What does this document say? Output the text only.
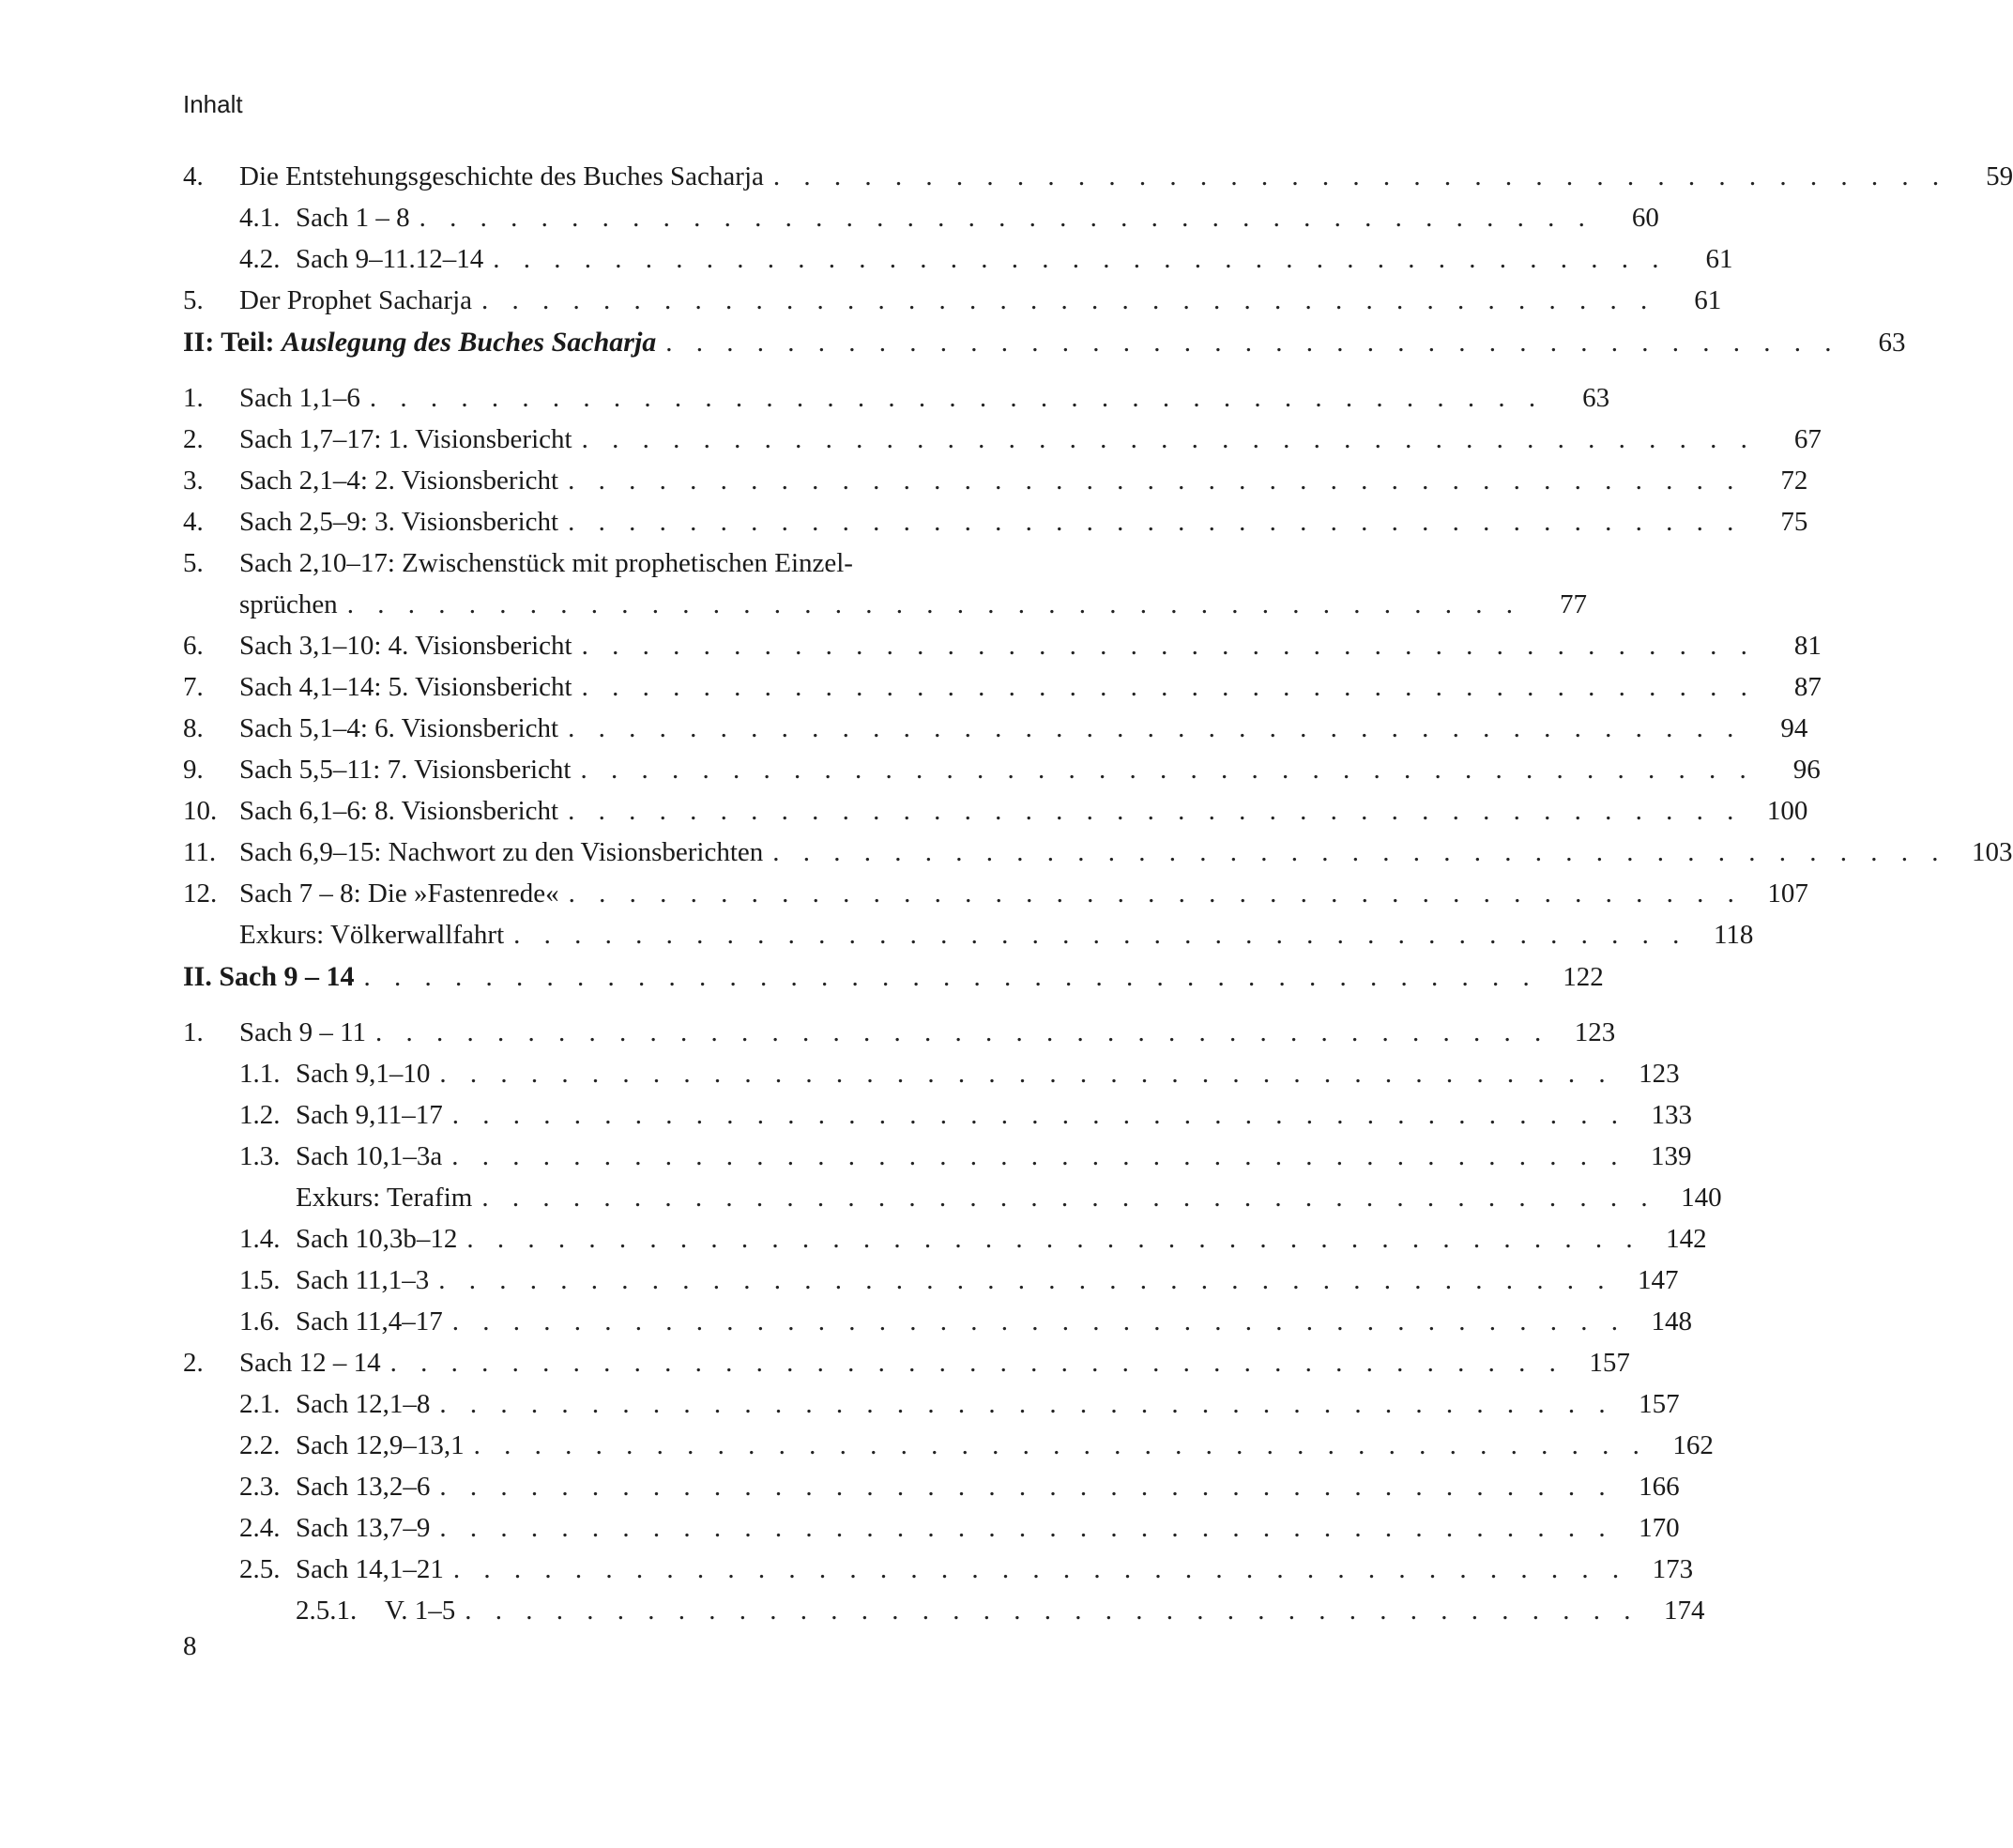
Inhalt
4.	Die Entstehungsgeschichte des Buches Sacharja . . . . . . . . . . . . . . . . . . . . . . . . . . . . . . . . . . . . . . .	59
4.1. Sach 1 – 8 . . . . . . . . . . . . . . . . . . . . . . . . . . . . . . . . . . . . . . .	60
4.2. Sach 9–11.12–14 . . . . . . . . . . . . . . . . . . . . . . . . . . . . . . . . . . . . . . .	61
5.	Der Prophet Sacharja . . . . . . . . . . . . . . . . . . . . . . . . . . . . . . . . . . . . . . .	61
II: Teil: Auslegung des Buches Sacharja . . . . . . . . . . . . . . . . . . . . . . . . . . . . . . . . . . . . . . .	63
1.	Sach 1,1–6 . . . . . . . . . . . . . . . . . . . . . . . . . . . . . . . . . . . . . . .	63
2.	Sach 1,7–17: 1. Visionsbericht . . . . . . . . . . . . . . . . . . . . . . . . . . . . . . . . . . . . . . .	67
3.	Sach 2,1–4: 2. Visionsbericht . . . . . . . . . . . . . . . . . . . . . . . . . . . . . . . . . . . . . . .	72
4.	Sach 2,5–9: 3. Visionsbericht . . . . . . . . . . . . . . . . . . . . . . . . . . . . . . . . . . . . . . .	75
5.	Sach 2,10–17: Zwischenstück mit prophetischen Einzel-
sprüchen . . . . . . . . . . . . . . . . . . . . . . . . . . . . . . . . . . . . . . .	77
6.	Sach 3,1–10: 4. Visionsbericht . . . . . . . . . . . . . . . . . . . . . . . . . . . . . . . . . . . . . . .	81
7.	Sach 4,1–14: 5. Visionsbericht . . . . . . . . . . . . . . . . . . . . . . . . . . . . . . . . . . . . . . .	87
8.	Sach 5,1–4: 6. Visionsbericht . . . . . . . . . . . . . . . . . . . . . . . . . . . . . . . . . . . . . . .	94
9.	Sach 5,5–11: 7. Visionsbericht . . . . . . . . . . . . . . . . . . . . . . . . . . . . . . . . . . . . . . .	96
10. Sach 6,1–6: 8. Visionsbericht . . . . . . . . . . . . . . . . . . . . . . . . . . . . . . . . . . . . . . . 100
11. Sach 6,9–15: Nachwort zu den Visionsberichten . . . . . . . . . . . . . . . . . . . . . . . . . . . . . . . . . . . . . . . 103
12. Sach 7 – 8: Die »Fastenrede« . . . . . . . . . . . . . . . . . . . . . . . . . . . . . . . . . . . . . . . 107
Exkurs: Völkerwallfahrt . . . . . . . . . . . . . . . . . . . . . . . . . . . . . . . . . . . . . . . 118
II. Sach 9 – 14 . . . . . . . . . . . . . . . . . . . . . . . . . . . . . . . . . . . . . . . 122
1.	Sach 9 – 11 . . . . . . . . . . . . . . . . . . . . . . . . . . . . . . . . . . . . . . . 123
1.1. Sach 9,1–10 . . . . . . . . . . . . . . . . . . . . . . . . . . . . . . . . . . . . . . . 123
1.2. Sach 9,11–17 . . . . . . . . . . . . . . . . . . . . . . . . . . . . . . . . . . . . . . . 133
1.3. Sach 10,1–3a . . . . . . . . . . . . . . . . . . . . . . . . . . . . . . . . . . . . . . . 139
Exkurs: Terafim . . . . . . . . . . . . . . . . . . . . . . . . . . . . . . . . . . . . . . . 140
1.4. Sach 10,3b–12 . . . . . . . . . . . . . . . . . . . . . . . . . . . . . . . . . . . . . . . 142
1.5. Sach 11,1–3 . . . . . . . . . . . . . . . . . . . . . . . . . . . . . . . . . . . . . . . 147
1.6. Sach 11,4–17 . . . . . . . . . . . . . . . . . . . . . . . . . . . . . . . . . . . . . . . 148
2.	Sach 12 – 14 . . . . . . . . . . . . . . . . . . . . . . . . . . . . . . . . . . . . . . . 157
2.1. Sach 12,1–8 . . . . . . . . . . . . . . . . . . . . . . . . . . . . . . . . . . . . . . . 157
2.2. Sach 12,9–13,1 . . . . . . . . . . . . . . . . . . . . . . . . . . . . . . . . . . . . . . . 162
2.3. Sach 13,2–6 . . . . . . . . . . . . . . . . . . . . . . . . . . . . . . . . . . . . . . . 166
2.4. Sach 13,7–9 . . . . . . . . . . . . . . . . . . . . . . . . . . . . . . . . . . . . . . . 170
2.5. Sach 14,1–21 . . . . . . . . . . . . . . . . . . . . . . . . . . . . . . . . . . . . . . . 173
2.5.1.	V. 1–5 . . . . . . . . . . . . . . . . . . . . . . . . . . . . . . . . . . . . . . . 174
8
